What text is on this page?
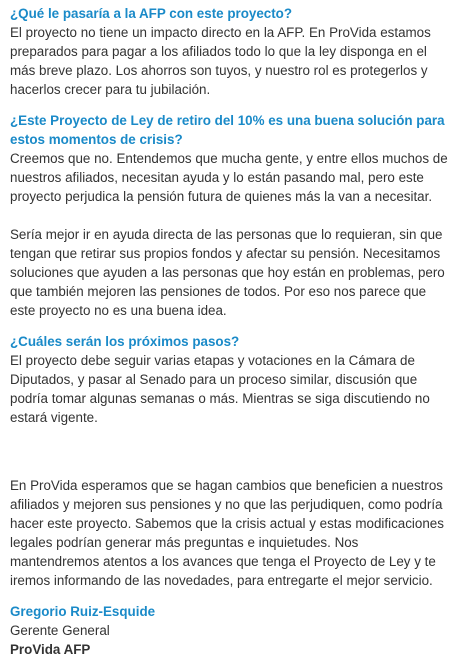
¿Qué le pasaría a la AFP con este proyecto?

El proyecto no tiene un impacto directo en la AFP. En ProVida estamos preparados para pagar a los afiliados todo lo que la ley disponga en el más breve plazo. Los ahorros son tuyos, y nuestro rol es protegerlos y hacerlos crecer para tu jubilación.

¿Este Proyecto de Ley de retiro del 10% es una buena solución para estos momentos de crisis?

Creemos que no. Entendemos que mucha gente, y entre ellos muchos de nuestros afiliados, necesitan ayuda y lo están pasando mal, pero este proyecto perjudica la pensión futura de quienes más la van a necesitar.

Sería mejor ir en ayuda directa de las personas que lo requieran, sin que tengan que retirar sus propios fondos y afectar su pensión. Necesitamos soluciones que ayuden a las personas que hoy están en problemas, pero que también mejoren las pensiones de todos. Por eso nos parece que este proyecto no es una buena idea.

¿Cuáles serán los próximos pasos?

El proyecto debe seguir varias etapas y votaciones en la Cámara de Diputados, y pasar al Senado para un proceso similar, discusión que podría tomar algunas semanas o más. Mientras se siga discutiendo no estará vigente.

En ProVida esperamos que se hagan cambios que beneficien a nuestros afiliados y mejoren sus pensiones y no que las perjudiquen, como podría hacer este proyecto. Sabemos que la crisis actual y estas modificaciones legales podrían generar más preguntas e inquietudes. Nos mantendremos atentos a los avances que tenga el Proyecto de Ley y te iremos informando de las novedades, para entregarte el mejor servicio.

Gregorio Ruiz-Esquide

Gerente General

ProVida AFP
